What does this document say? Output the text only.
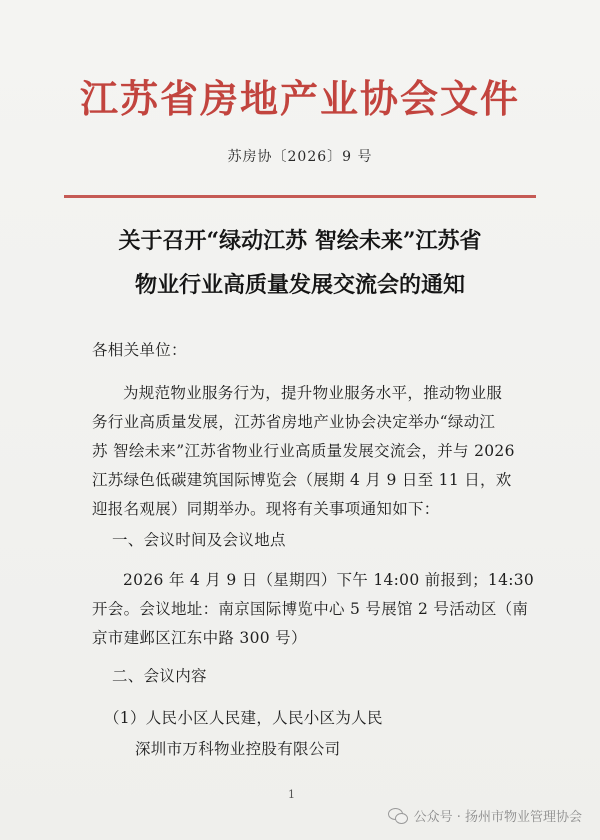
江苏省房地产业协会文件
苏房协〔2026〕9 号
关于召开“绿动江苏 智绘未来”江苏省
物业行业高质量发展交流会的通知
各相关单位：
为规范物业服务行为，提升物业服务水平，推动物业服
务行业高质量发展，江苏省房地产业协会决定举办“绿动江
苏 智绘未来”江苏省物业行业高质量发展交流会，并与 2026
江苏绿色低碳建筑国际博览会（展期 4 月 9 日至 11 日，欢
迎报名观展）同期举办。现将有关事项通知如下：
一、会议时间及会议地点
2026 年 4 月 9 日（星期四）下午 14:00 前报到；14:30
开会。会议地址：南京国际博览中心 5 号展馆 2 号活动区（南
京市建邺区江东中路 300 号）
二、会议内容
（1）人民小区人民建，人民小区为人民
深圳市万科物业控股有限公司
1
公众号 · 扬州市物业管理协会
